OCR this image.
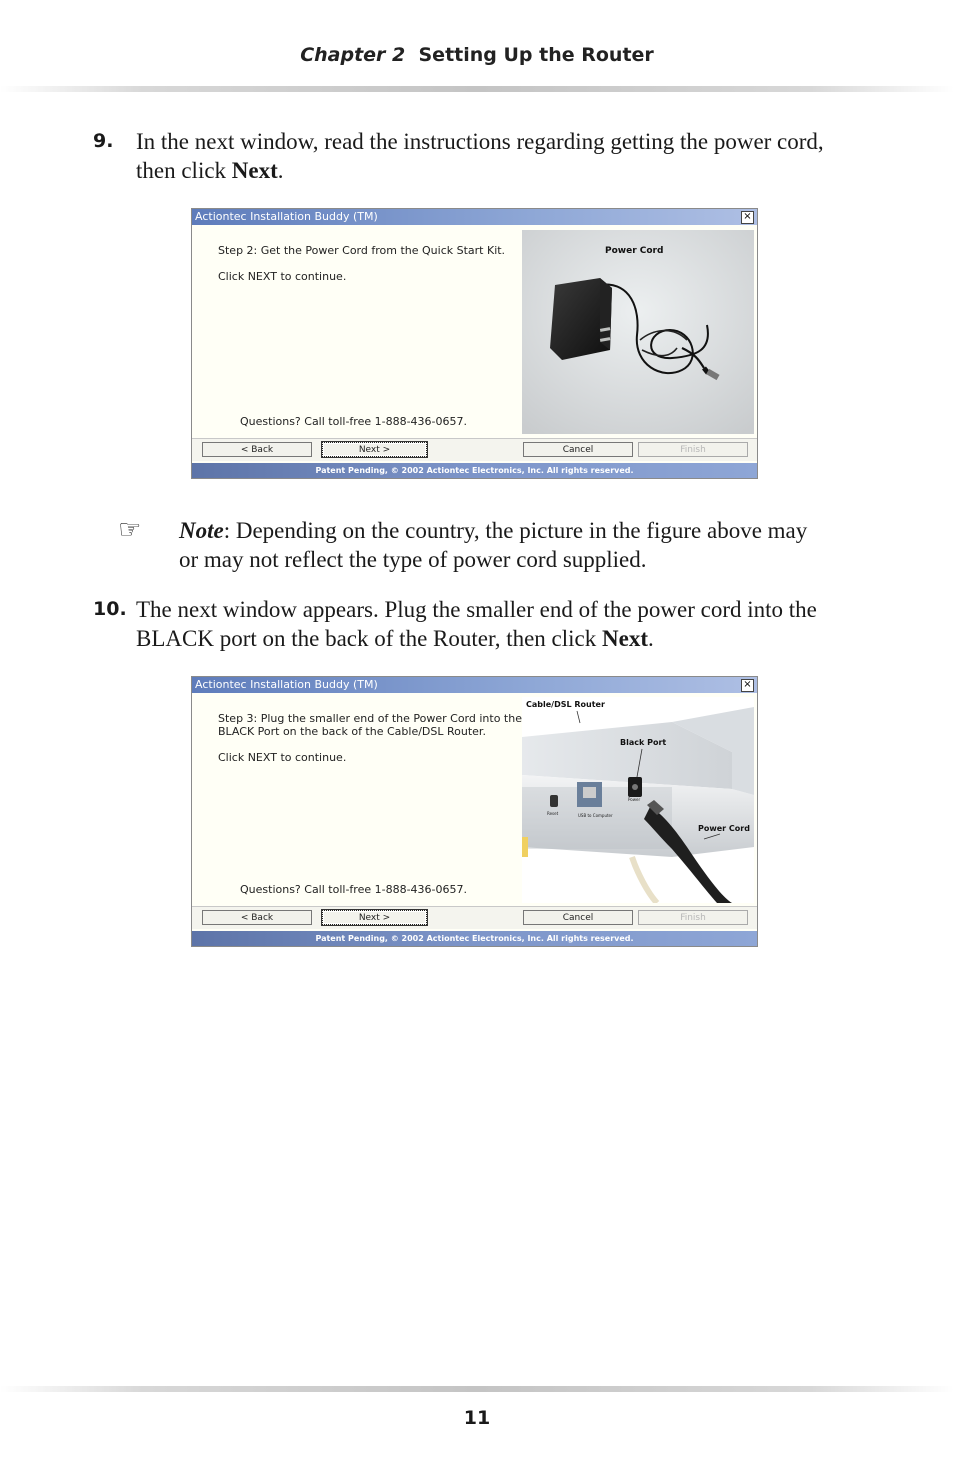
Chapter 2 Setting Up the Router
9. In the next window, read the instructions regarding getting the power cord, then click Next.
Actiontec Installation Buddy (TM)	×
Step 2: Get the Power Cord from the Quick Start Kit.
Click NEXT to continue.
Questions? Call toll-free 1-888-436-0657.
Power Cord
< Back	Next >	Cancel	Finish
Patent Pending, © 2002 Actiontec Electronics, Inc. All rights reserved.
☞ Note: Depending on the country, the picture in the figure above may or may not reflect the type of power cord supplied.
10. The next window appears. Plug the smaller end of the power cord into the BLACK port on the back of the Router, then click Next.
Actiontec Installation Buddy (TM)	×
Step 3: Plug the smaller end of the Power Cord into the
BLACK Port on the back of the Cable/DSL Router.
Click NEXT to continue.
Questions? Call toll-free 1-888-436-0657.
Cable/DSL Router
Black Port
Power Cord
Reset	USB to Computer
Power
< Back	Next >	Cancel	Finish
Patent Pending, © 2002 Actiontec Electronics, Inc. All rights reserved.
11
